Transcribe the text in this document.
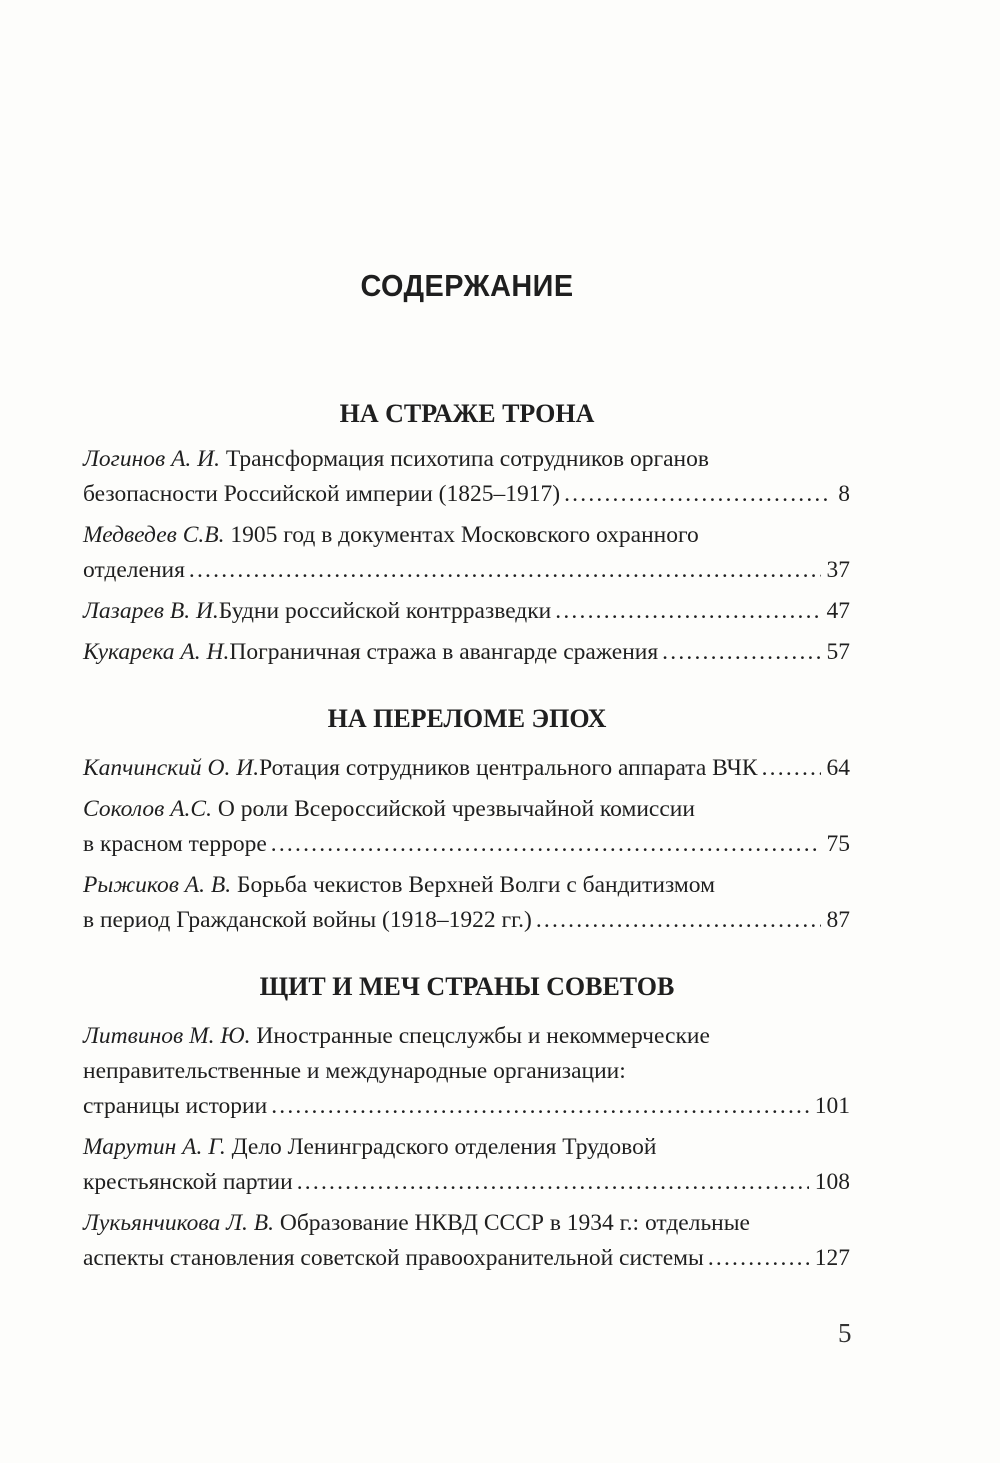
СОДЕРЖАНИЕ
НА СТРАЖЕ ТРОНА
Логинов А. И. Трансформация психотипа сотрудников органов
безопасности Российской империи (1825–1917) .....	8
Медведев С.В. 1905 год в документах Московского охранного
отделения .....	37
Лазарев В. И. Будни российской контрразведки .....	47
Кукарека А. Н. Пограничная стража в авангарде сражения .....	57
НА ПЕРЕЛОМЕ ЭПОХ
Капчинский О. И. Ротация сотрудников центрального аппарата ВЧК .....	64
Соколов А.С. О роли Всероссийской чрезвычайной комиссии
в красном терроре .....	75
Рыжиков А. В. Борьба чекистов Верхней Волги с бандитизмом
в период Гражданской войны (1918–1922 гг.) .....	87
ЩИТ И МЕЧ СТРАНЫ СОВЕТОВ
Литвинов М. Ю. Иностранные спецслужбы и некоммерческие
неправительственные и международные организации:
страницы истории .....	101
Марутин А. Г. Дело Ленинградского отделения Трудовой
крестьянской партии .....	108
Лукьянчикова Л. В. Образование НКВД СССР в 1934 г.: отдельные
аспекты становления советской правоохранительной системы .....	127
5
